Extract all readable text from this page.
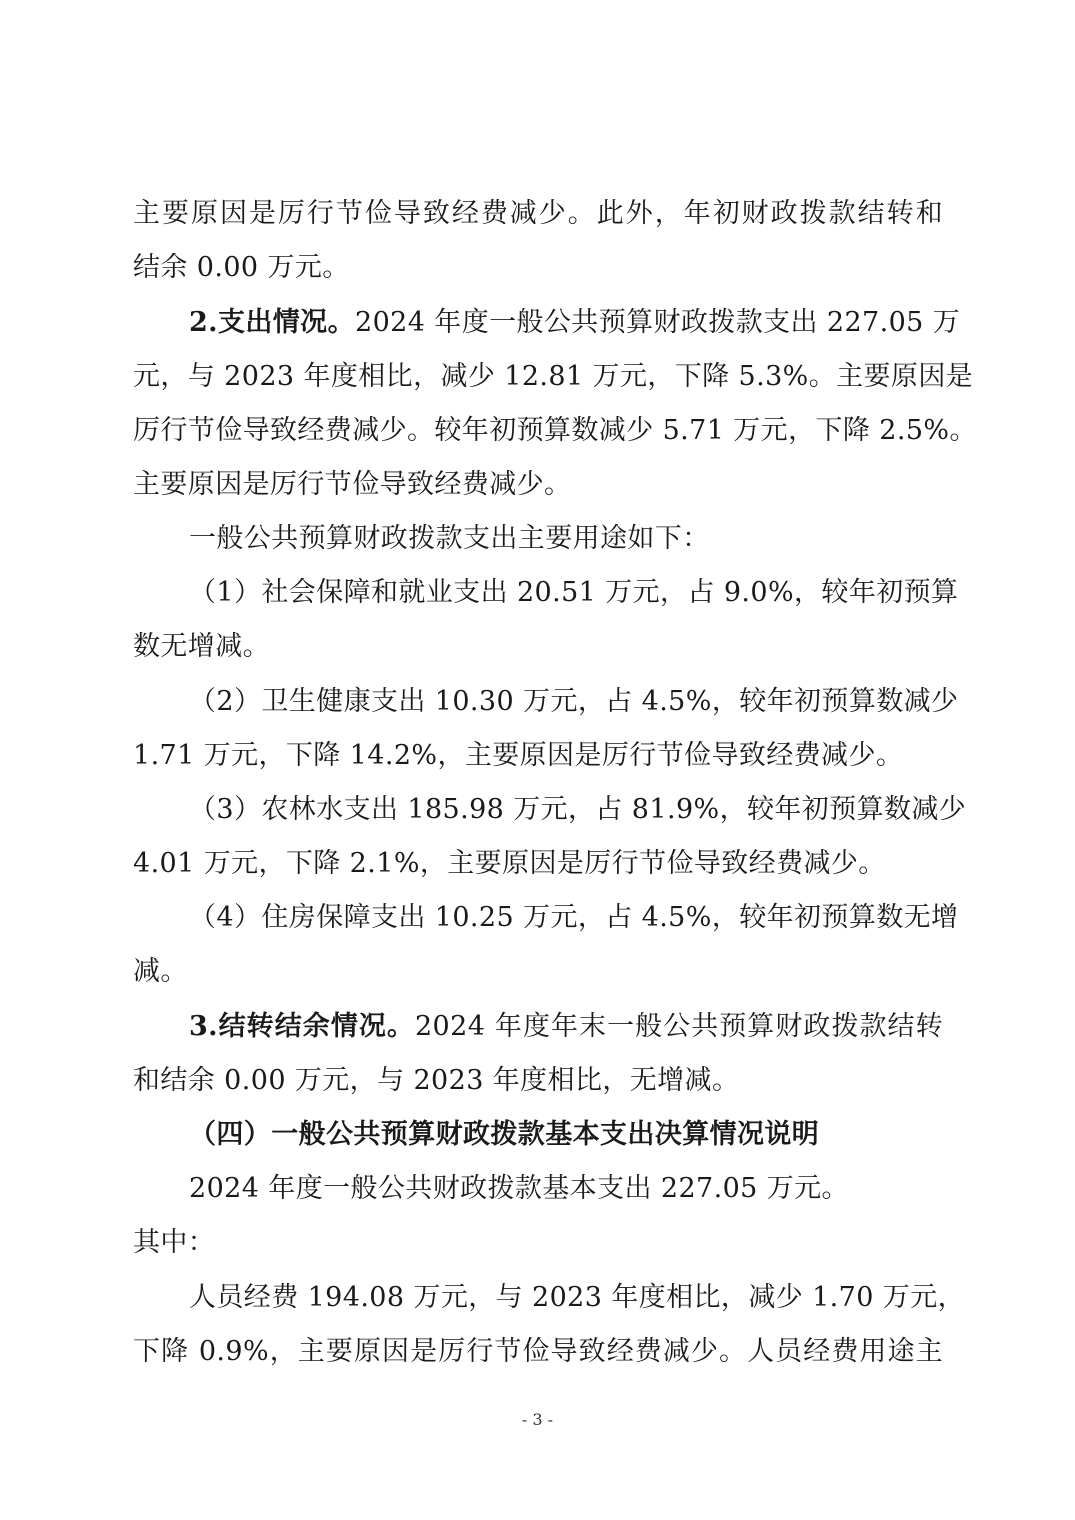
主要原因是厉行节俭导致经费减少。此外，年初财政拨款结转和
结余 0.00 万元。
2.支出情况。2024 年度一般公共预算财政拨款支出 227.05 万
元，与 2023 年度相比，减少 12.81 万元，下降 5.3%。主要原因是
厉行节俭导致经费减少。较年初预算数减少 5.71 万元，下降 2.5%。
主要原因是厉行节俭导致经费减少。
一般公共预算财政拨款支出主要用途如下：
（1）社会保障和就业支出 20.51 万元，占 9.0%，较年初预算
数无增减。
（2）卫生健康支出 10.30 万元，占 4.5%，较年初预算数减少
1.71 万元，下降 14.2%，主要原因是厉行节俭导致经费减少。
（3）农林水支出 185.98 万元，占 81.9%，较年初预算数减少
4.01 万元，下降 2.1%，主要原因是厉行节俭导致经费减少。
（4）住房保障支出 10.25 万元，占 4.5%，较年初预算数无增
减。
3.结转结余情况。2024 年度年末一般公共预算财政拨款结转
和结余 0.00 万元，与 2023 年度相比，无增减。
（四）一般公共预算财政拨款基本支出决算情况说明
2024 年度一般公共财政拨款基本支出 227.05 万元。
其中：
人员经费 194.08 万元，与 2023 年度相比，减少 1.70 万元，
下降 0.9%，主要原因是厉行节俭导致经费减少。人员经费用途主
- 3 -
